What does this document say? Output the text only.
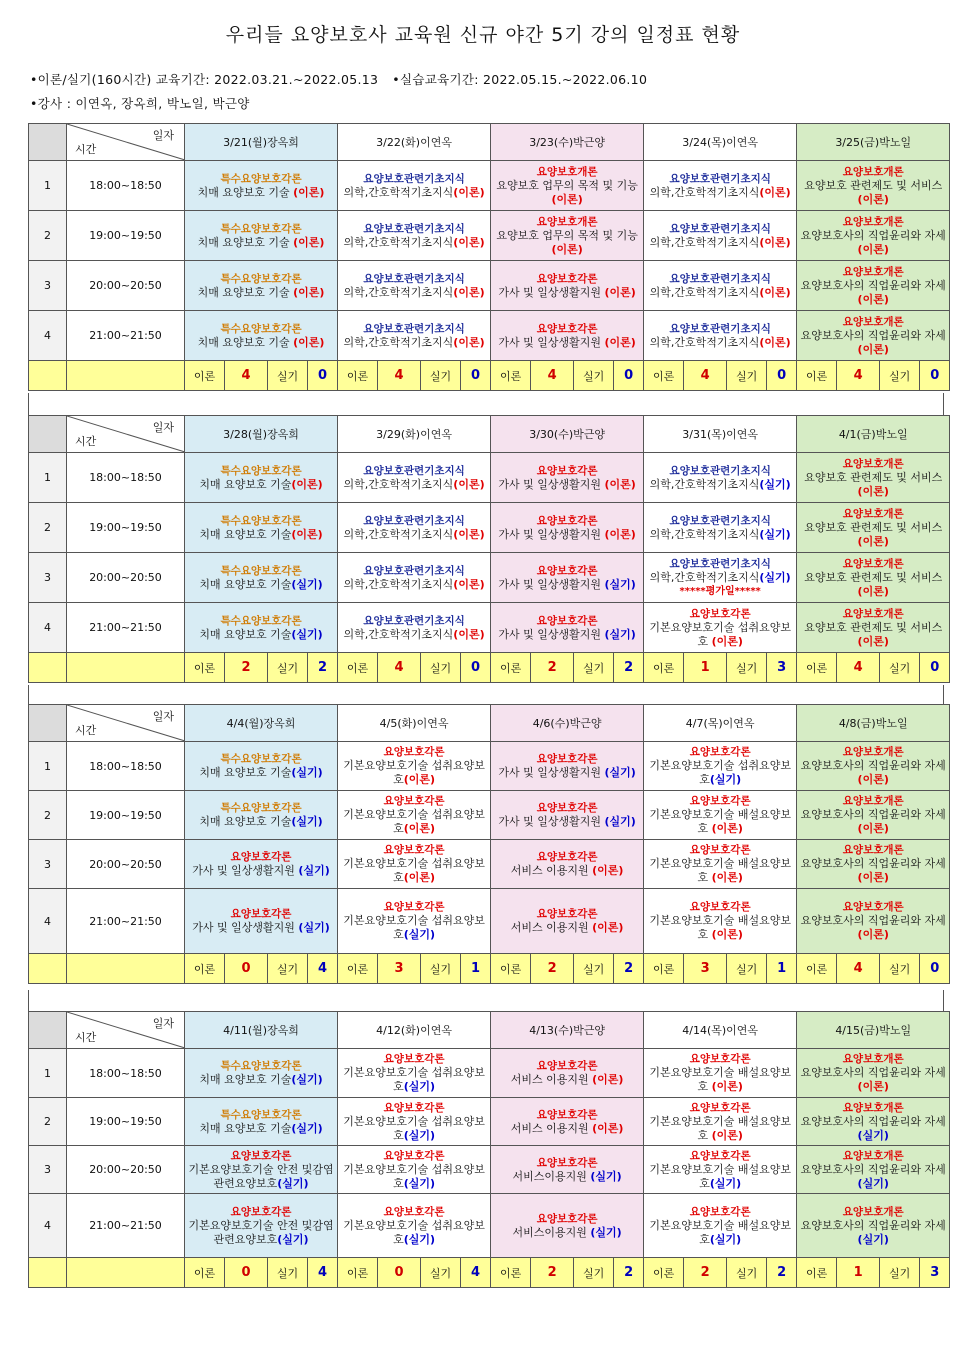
우리들 요양보호사 교육원 신규 야간 5기 강의 일정표 현황
•이론/실기(160시간) 교육기간: 2022.03.21.~2022.05.13 •실습교육기간: 2022.05.15.~2022.06.10
•강사 : 이연옥, 장옥희, 박노일, 박근양

	일자
시간	3/21(월)장옥희				3/22(화)이연옥				3/23(수)박근양				3/24(목)이연옥				3/25(금)박노일			
1	18:00~18:50	특수요양보호각론
치매 요양보호 기술 (이론)				요양보호관련기초지식
의학,간호학적기초지식(이론)				요양보호개론
요양보호 업무의 목적 및 기능(이론)				요양보호관련기초지식
의학,간호학적기초지식(이론)				요양보호개론
요양보호 관련제도 및 서비스(이론)			
2	19:00~19:50	특수요양보호각론
치매 요양보호 기술 (이론)				요양보호관련기초지식
의학,간호학적기초지식(이론)				요양보호개론
요양보호 업무의 목적 및 기능(이론)				요양보호관련기초지식
의학,간호학적기초지식(이론)				요양보호개론
요양보호사의 직업윤리와 자세(이론)			
3	20:00~20:50	특수요양보호각론
치매 요양보호 기술 (이론)				요양보호관련기초지식
의학,간호학적기초지식(이론)				요양보호각론
가사 및 일상생활지원 (이론)				요양보호관련기초지식
의학,간호학적기초지식(이론)				요양보호개론
요양보호사의 직업윤리와 자세(이론)			
4	21:00~21:50	특수요양보호각론
치매 요양보호 기술 (이론)				요양보호관련기초지식
의학,간호학적기초지식(이론)				요양보호각론
가사 및 일상생활지원 (이론)				요양보호관련기초지식
의학,간호학적기초지식(이론)				요양보호개론
요양보호사의 직업윤리와 자세(이론)			
		이론	4	실기	0	이론	4	실기	0	이론	4	실기	0	이론	4	실기	0	이론	4	실기	0

	일자
시간	3/28(월)장옥희				3/29(화)이연옥				3/30(수)박근양				3/31(목)이연옥				4/1(금)박노일			
1	18:00~18:50	특수요양보호각론
치매 요양보호 기술(이론)				요양보호관련기초지식
의학,간호학적기초지식(이론)				요양보호각론
가사 및 일상생활지원 (이론)				요양보호관련기초지식
의학,간호학적기초지식(실기)				요양보호개론
요양보호 관련제도 및 서비스(이론)			
2	19:00~19:50	특수요양보호각론
치매 요양보호 기술(이론)				요양보호관련기초지식
의학,간호학적기초지식(이론)				요양보호각론
가사 및 일상생활지원 (이론)				요양보호관련기초지식
의학,간호학적기초지식(실기)				요양보호개론
요양보호 관련제도 및 서비스(이론)			
3	20:00~20:50	특수요양보호각론
치매 요양보호 기술(실기)				요양보호관련기초지식
의학,간호학적기초지식(이론)				요양보호각론
가사 및 일상생활지원 (실기)				요양보호관련기초지식
의학,간호학적기초지식(실기)
*****평가일*****				요양보호개론
요양보호 관련제도 및 서비스(이론)			
4	21:00~21:50	특수요양보호각론
치매 요양보호 기술(실기)				요양보호관련기초지식
의학,간호학적기초지식(이론)				요양보호각론
가사 및 일상생활지원 (실기)				요양보호각론
기본요양보호기술 섭취요양보호 (이론)				요양보호개론
요양보호 관련제도 및 서비스(이론)			
		이론	2	실기	2	이론	4	실기	0	이론	2	실기	2	이론	1	실기	3	이론	4	실기	0

	일자
시간	4/4(월)장옥희				4/5(화)이연옥				4/6(수)박근양				4/7(목)이연옥				4/8(금)박노일			
1	18:00~18:50	특수요양보호각론
치매 요양보호 기술(실기)				요양보호각론
기본요양보호기술 섭취요양보호(이론)				요양보호각론
가사 및 일상생활지원 (실기)				요양보호각론
기본요양보호기술 섭취요양보호(실기)				요양보호개론
요양보호사의 직업윤리와 자세(이론)			
2	19:00~19:50	특수요양보호각론
치매 요양보호 기술(실기)				요양보호각론
기본요양보호기술 섭취요양보호(이론)				요양보호각론
가사 및 일상생활지원 (실기)				요양보호각론
기본요양보호기술 배설요양보호 (이론)				요양보호개론
요양보호사의 직업윤리와 자세(이론)			
3	20:00~20:50	요양보호각론
가사 및 일상생활지원 (실기)				요양보호각론
기본요양보호기술 섭취요양보호(이론)				요양보호각론
서비스 이용지원 (이론)				요양보호각론
기본요양보호기술 배설요양보호 (이론)				요양보호개론
요양보호사의 직업윤리와 자세(이론)			
4	21:00~21:50	요양보호각론
가사 및 일상생활지원 (실기)				요양보호각론
기본요양보호기술 섭취요양보호(실기)				요양보호각론
서비스 이용지원 (이론)				요양보호각론
기본요양보호기술 배설요양보호 (이론)				요양보호개론
요양보호사의 직업윤리와 자세(이론)			
		이론	0	실기	4	이론	3	실기	1	이론	2	실기	2	이론	3	실기	1	이론	4	실기	0

	일자
시간	4/11(월)장옥희				4/12(화)이연옥				4/13(수)박근양				4/14(목)이연옥				4/15(금)박노일			
1	18:00~18:50	특수요양보호각론
치매 요양보호 기술(실기)				요양보호각론
기본요양보호기술 섭취요양보호(실기)				요양보호각론
서비스 이용지원 (이론)				요양보호각론
기본요양보호기술 배설요양보호 (이론)				요양보호개론
요양보호사의 직업윤리와 자세(이론)			
2	19:00~19:50	특수요양보호각론
치매 요양보호 기술(실기)				요양보호각론
기본요양보호기술 섭취요양보호(실기)				요양보호각론
서비스 이용지원 (이론)				요양보호각론
기본요양보호기술 배설요양보호 (이론)				요양보호개론
요양보호사의 직업윤리와 자세(실기)			
3	20:00~20:50	요양보호각론
기본요양보호기술 안전 및감염관련요양보호(실기)				요양보호각론
기본요양보호기술 섭취요양보호(실기)				요양보호각론
서비스이용지원 (실기)				요양보호각론
기본요양보호기술 배설요양보호(실기)				요양보호개론
요양보호사의 직업윤리와 자세(실기)			
4	21:00~21:50	요양보호각론
기본요양보호기술 안전 및감염관련요양보호(실기)				요양보호각론
기본요양보호기술 섭취요양보호(실기)				요양보호각론
서비스이용지원 (실기)				요양보호각론
기본요양보호기술 배설요양보호(실기)				요양보호개론
요양보호사의 직업윤리와 자세(실기)			
		이론	0	실기	4	이론	0	실기	4	이론	2	실기	2	이론	2	실기	2	이론	1	실기	3
